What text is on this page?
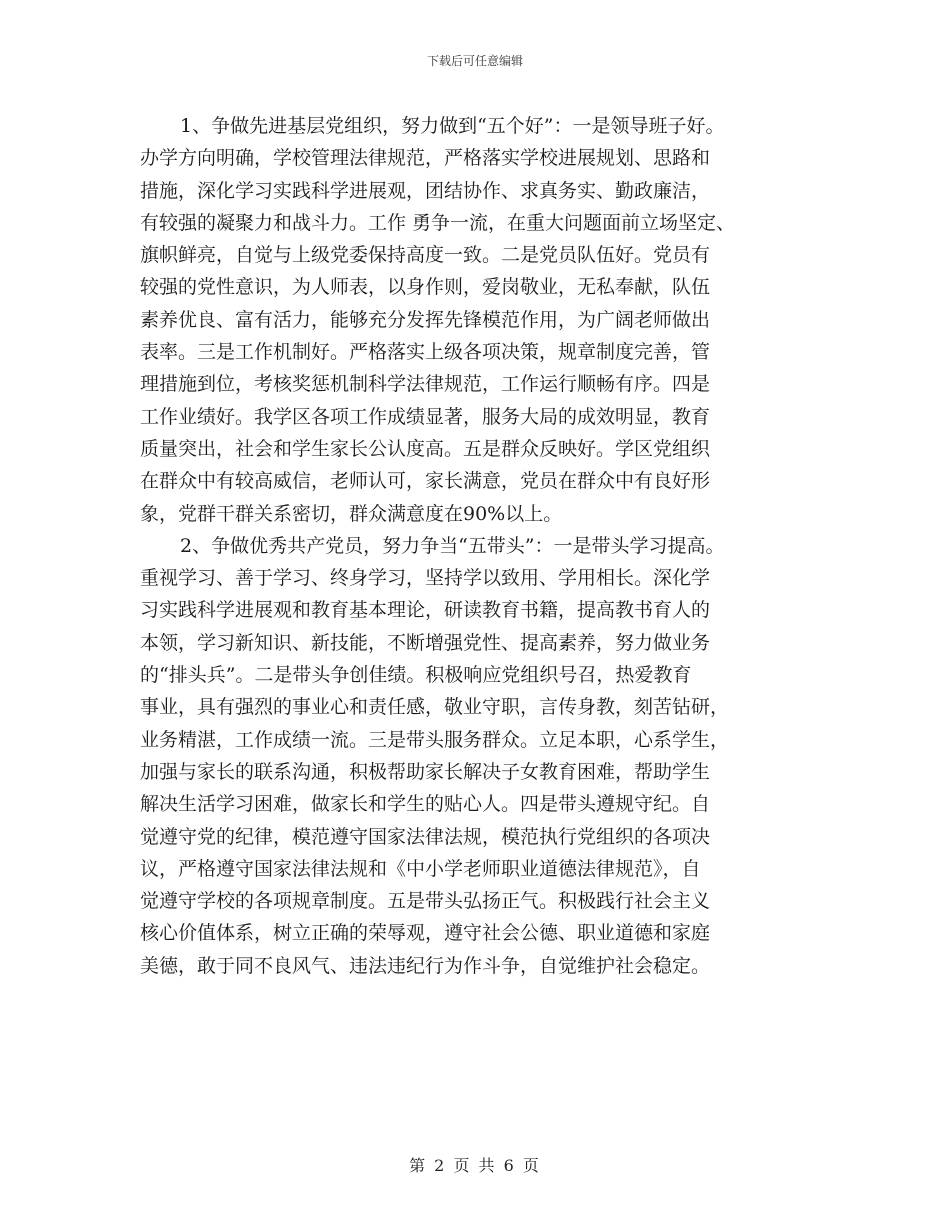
下载后可任意编辑
1、争做先进基层党组织，努力做到“五个好”：一是领导班子好。
办学方向明确，学校管理法律规范，严格落实学校进展规划、思路和
措施，深化学习实践科学进展观，团结协作、求真务实、勤政廉洁，
有较强的凝聚力和战斗力。工作 勇争一流，在重大问题面前立场坚定、
旗帜鲜亮，自觉与上级党委保持高度一致。二是党员队伍好。党员有
较强的党性意识，为人师表，以身作则，爱岗敬业，无私奉献，队伍
素养优良、富有活力，能够充分发挥先锋模范作用，为广阔老师做出
表率。三是工作机制好。严格落实上级各项决策，规章制度完善，管
理措施到位，考核奖惩机制科学法律规范，工作运行顺畅有序。四是
工作业绩好。我学区各项工作成绩显著，服务大局的成效明显，教育
质量突出，社会和学生家长公认度高。五是群众反映好。学区党组织
在群众中有较高威信，老师认可，家长满意，党员在群众中有良好形
象，党群干群关系密切，群众满意度在90%以上。
2、争做优秀共产党员，努力争当“五带头”：一是带头学习提高。
重视学习、善于学习、终身学习，坚持学以致用、学用相长。深化学
习实践科学进展观和教育基本理论，研读教育书籍，提高教书育人的
本领，学习新知识、新技能，不断增强党性、提高素养，努力做业务
的“排头兵”。二是带头争创佳绩。积极响应党组织号召，热爱教育
事业，具有强烈的事业心和责任感，敬业守职，言传身教，刻苦钻研，
业务精湛，工作成绩一流。三是带头服务群众。立足本职，心系学生，
加强与家长的联系沟通，积极帮助家长解决子女教育困难，帮助学生
解决生活学习困难，做家长和学生的贴心人。四是带头遵规守纪。自
觉遵守党的纪律，模范遵守国家法律法规，模范执行党组织的各项决
议，严格遵守国家法律法规和《中小学老师职业道德法律规范》，自
觉遵守学校的各项规章制度。五是带头弘扬正气。积极践行社会主义
核心价值体系，树立正确的荣辱观，遵守社会公德、职业道德和家庭
美德，敢于同不良风气、违法违纪行为作斗争，自觉维护社会稳定。
第 2 页 共 6 页
